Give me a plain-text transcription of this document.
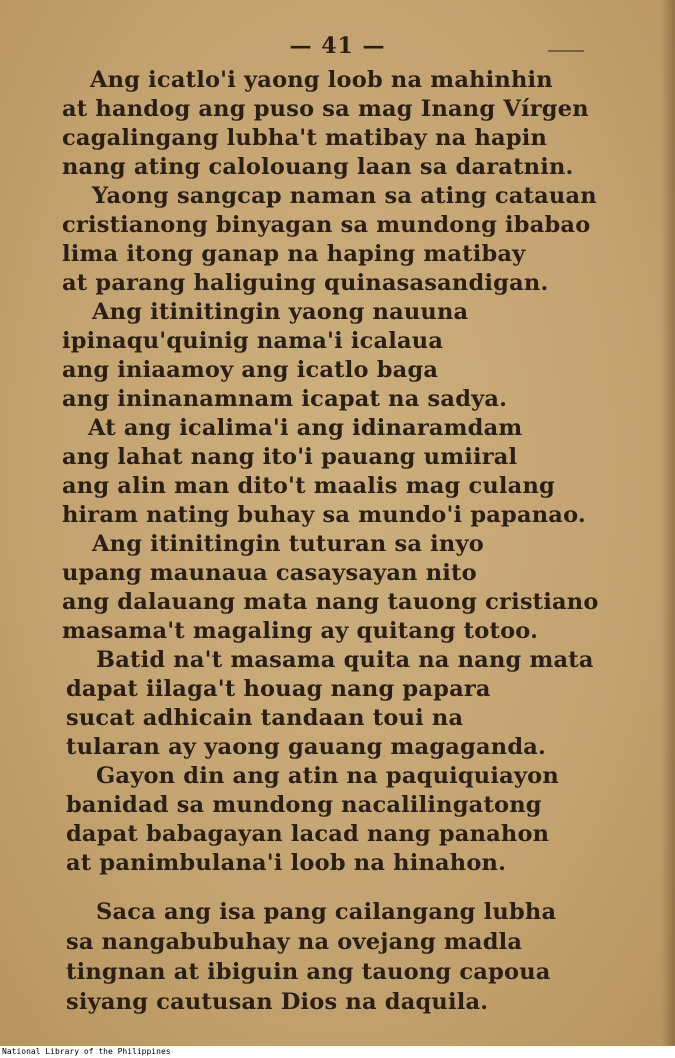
— 41 —
Ang icatlo'i yaong loob na mahinhin
at handog ang puso sa mag Inang Vírgen
cagalingang lubha't matibay na hapin
nang ating calolouang laan sa daratnin.
Yaong sangcap naman sa ating catauan
cristianong binyagan sa mundong ibabao
lima itong ganap na haping matibay
at parang haliguing quinasasandigan.
Ang itinitingin yaong nauuna
ipinaqu'quinig nama'i icalaua
ang iniaamoy ang icatlo baga
ang ininanamnam icapat na sadya.
At ang icalima'i ang idinaramdam
ang lahat nang ito'i pauang umiiral
ang alin man dito't maalis mag culang
hiram nating buhay sa mundo'i papanao.
Ang itinitingin tuturan sa inyo
upang maunaua casaysayan nito
ang dalauang mata nang tauong cristiano
masama't magaling ay quitang totoo.
Batid na't masama quita na nang mata
dapat iilaga't houag nang papara
sucat adhicain tandaan toui na
tularan ay yaong gauang magaganda.
Gayon din ang atin na paquiquiayon
banidad sa mundong nacalilingatong
dapat babagayan lacad nang panahon
at panimbulana'i loob na hinahon.
Saca ang isa pang cailangang lubha
sa nangabubuhay na ovejang madla
tingnan at ibiguin ang tauong capoua
siyang cautusan Dios na daquila.
National Library of the Philippines
